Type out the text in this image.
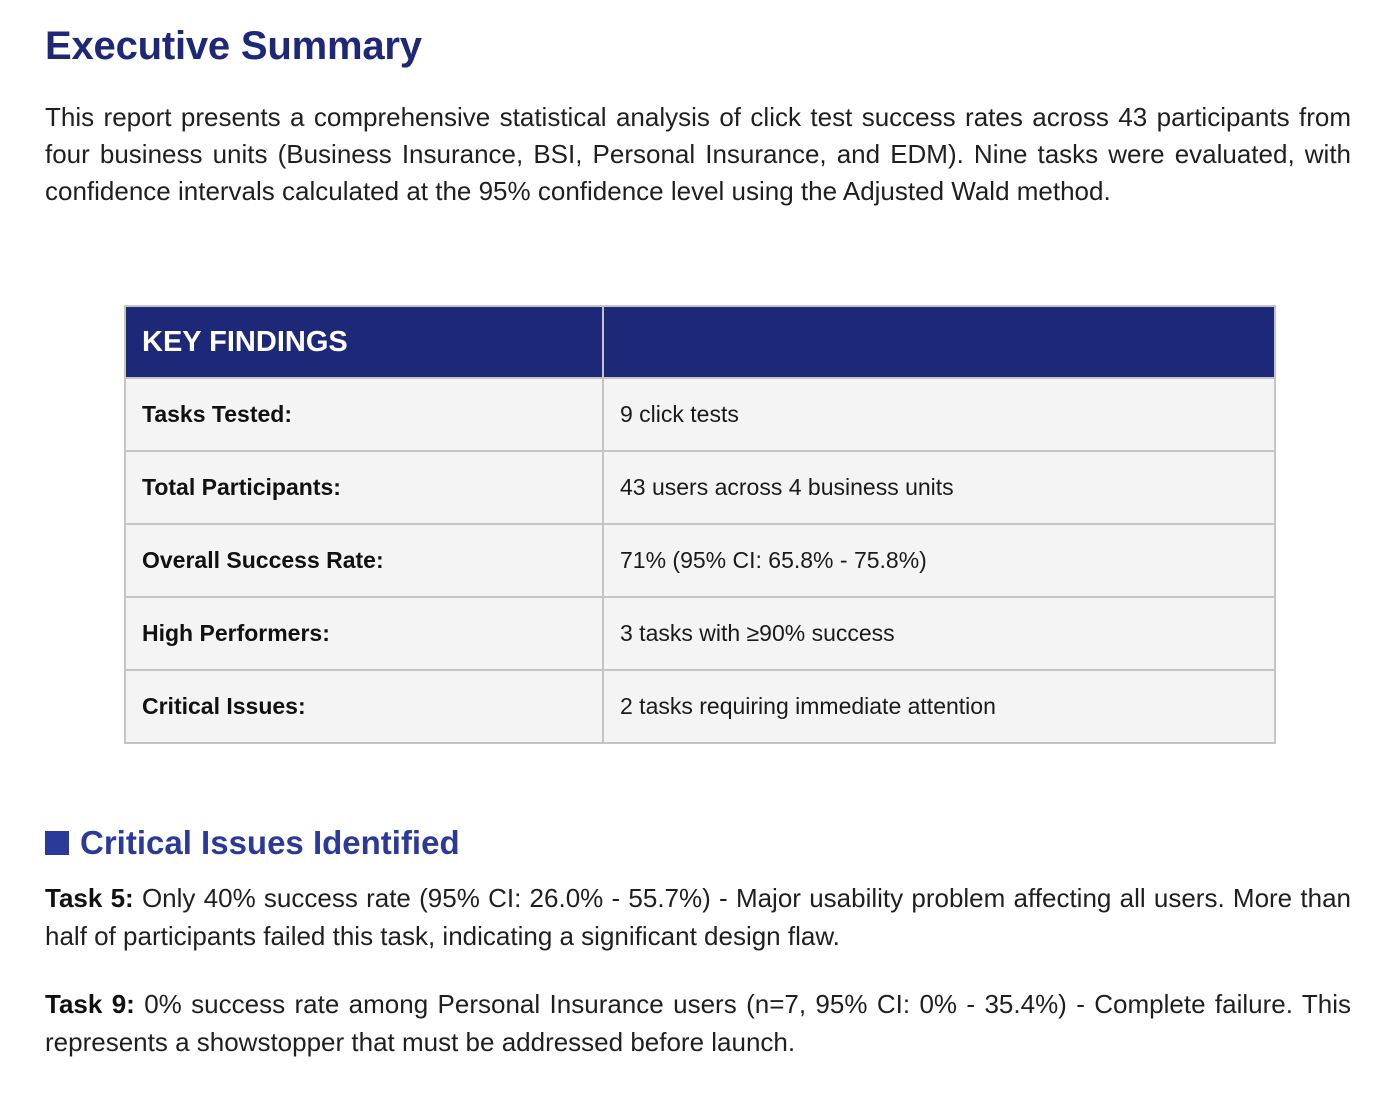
Executive Summary

This report presents a comprehensive statistical analysis of click test success rates across 43 participants from four business units (Business Insurance, BSI, Personal Insurance, and EDM). Nine tasks were evaluated, with confidence intervals calculated at the 95% confidence level using the Adjusted Wald method.

KEY FINDINGS	
Tasks Tested:	9 click tests
Total Participants:	43 users across 4 business units
Overall Success Rate:	71% (95% CI: 65.8% - 75.8%)
High Performers:	3 tasks with ≥90% success
Critical Issues:	2 tasks requiring immediate attention
Critical Issues Identified

Task 5: Only 40% success rate (95% CI: 26.0% - 55.7%) - Major usability problem affecting all users. More than half of participants failed this task, indicating a significant design flaw.

Task 9: 0% success rate among Personal Insurance users (n=7, 95% CI: 0% - 35.4%) - Complete failure. This represents a showstopper that must be addressed before launch.
